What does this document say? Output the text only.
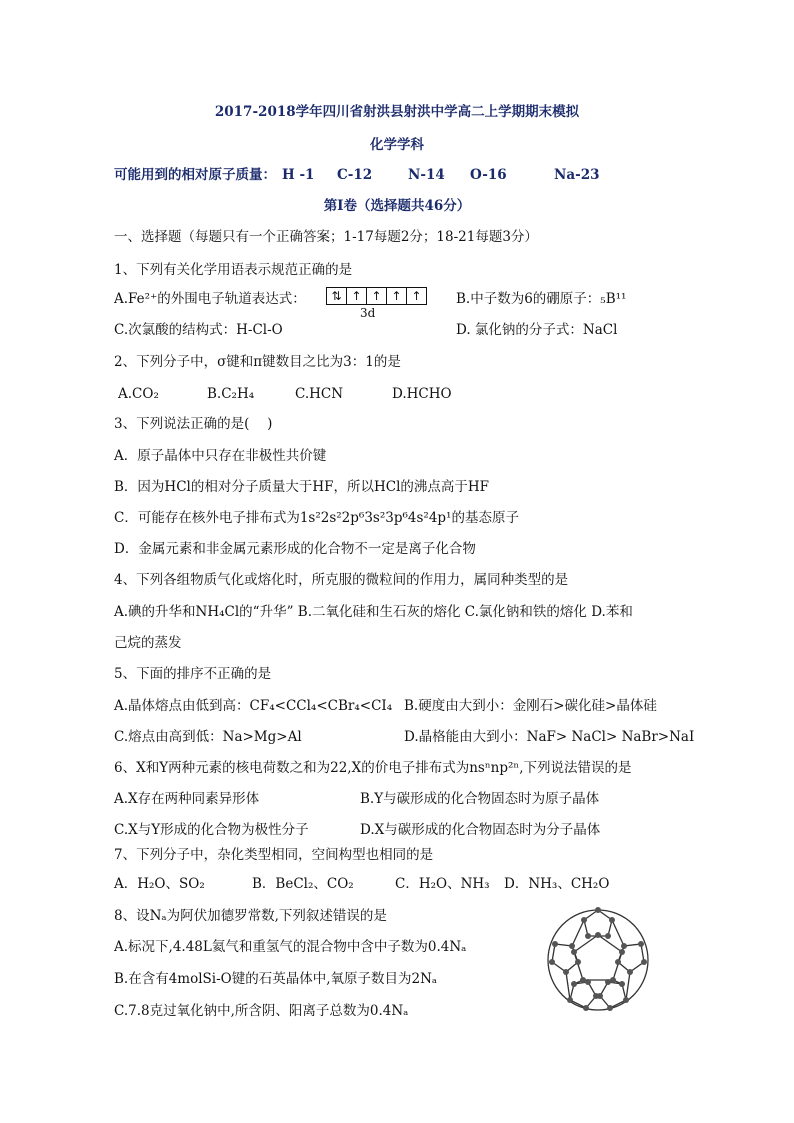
2017-2018学年四川省射洪县射洪中学高二上学期期末模拟
化学学科
可能用到的相对原子质量： H -1 C-12	N-14 O-16	Na-23
第Ⅰ卷（选择题共46分）
一、选择题（每题只有一个正确答案；1-17每题2分；18-21每题3分）
1、下列有关化学用语表示规范正确的是
A.Fe²⁺的外围电子轨道表达式：	⇅ ↑ ↑ ↑ ↑
3d
B.中子数为6的硼原子：₅B¹¹
C.次氯酸的结构式：H-Cl-O	D. 氯化钠的分子式：NaCl
2、下列分子中，σ键和π键数目之比为3：1的是
A.CO₂	B.C₂H₄	C.HCN	D.HCHO
3、下列说法正确的是(　 )
A．原子晶体中只存在非极性共价键
B．因为HCl的相对分子质量大于HF，所以HCl的沸点高于HF
C．可能存在核外电子排布式为1s²2s²2p⁶3s²3p⁶4s²4p¹的基态原子
D．金属元素和非金属元素形成的化合物不一定是离子化合物
4、下列各组物质气化或熔化时，所克服的微粒间的作用力，属同种类型的是
A.碘的升华和NH₄Cl的“升华” B.二氧化硅和生石灰的熔化 C.氯化钠和铁的熔化 D.苯和
己烷的蒸发
5、下面的排序不正确的是
A.晶体熔点由低到高：CF₄<CCl₄<CBr₄<CI₄ B.硬度由大到小：金刚石>碳化硅>晶体硅
C.熔点由高到低：Na>Mg>Al	D.晶格能由大到小：NaF> NaCl> NaBr>NaI
6、X和Y两种元素的核电荷数之和为22,X的价电子排布式为nsⁿnp²ⁿ,下列说法错误的是
A.X存在两种同素异形体	B.Y与碳形成的化合物固态时为原子晶体
C.X与Y形成的化合物为极性分子	D.X与碳形成的化合物固态时为分子晶体
7、下列分子中，杂化类型相同，空间构型也相同的是
A．H₂O、SO₂	B．BeCl₂、CO₂	C．H₂O、NH₃ D．NH₃、CH₂O
8、设Nₐ为阿伏加德罗常数,下列叙述错误的是
A.标况下,4.48L氦气和重氢气的混合物中含中子数为0.4Nₐ
B.在含有4molSi-O键的石英晶体中,氧原子数目为2Nₐ
C.7.8克过氧化钠中,所含阴、阳离子总数为0.4Nₐ
